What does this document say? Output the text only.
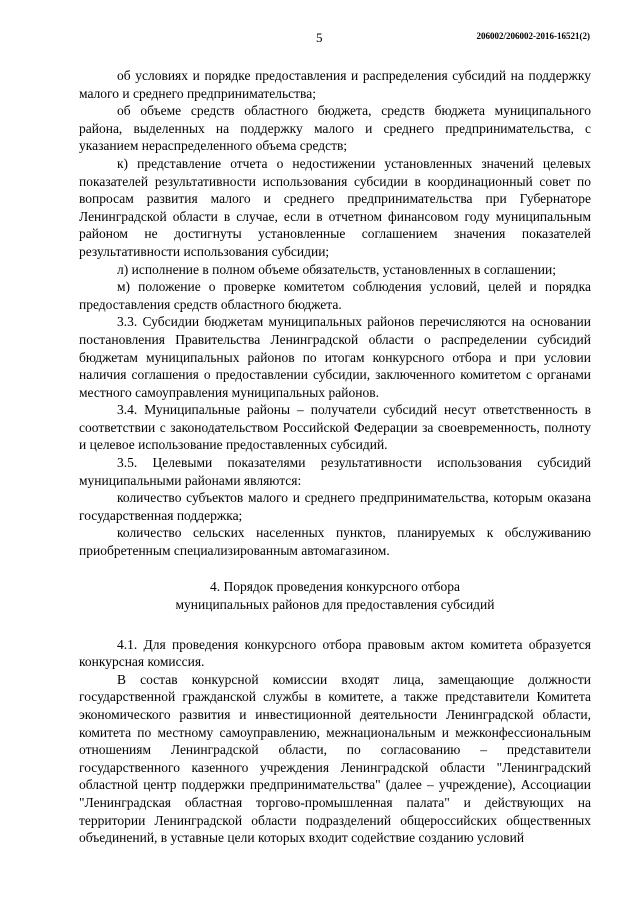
5	206002/206002-2016-16521(2)

об условиях и порядке предоставления и распределения субсидий на поддержку малого и среднего предпринимательства;

об объеме средств областного бюджета, средств бюджета муниципального района, выделенных на поддержку малого и среднего предпринимательства, с указанием нераспределенного объема средств;

к) представление отчета о недостижении установленных значений целевых показателей результативности использования субсидии в координационный совет по вопросам развития малого и среднего предпринимательства при Губернаторе Ленинградской области в случае, если в отчетном финансовом году муниципальным районом не достигнуты установленные соглашением значения показателей результативности использования субсидии;

л) исполнение в полном объеме обязательств, установленных в соглашении;

м) положение о проверке комитетом соблюдения условий, целей и порядка предоставления средств областного бюджета.

3.3. Субсидии бюджетам муниципальных районов перечисляются на основании постановления Правительства Ленинградской области о распределении субсидий бюджетам муниципальных районов по итогам конкурсного отбора и при условии наличия соглашения о предоставлении субсидии, заключенного комитетом с органами местного самоуправления муниципальных районов.

3.4. Муниципальные районы – получатели субсидий несут ответственность в соответствии с законодательством Российской Федерации за своевременность, полноту и целевое использование предоставленных субсидий.

3.5. Целевыми показателями результативности использования субсидий муниципальными районами являются:

количество субъектов малого и среднего предпринимательства, которым оказана государственная поддержка;

количество сельских населенных пунктов, планируемых к обслуживанию приобретенным специализированным автомагазином.

4. Порядок проведения конкурсного отбора
муниципальных районов для предоставления субсидий

4.1. Для проведения конкурсного отбора правовым актом комитета образуется конкурсная комиссия.

В состав конкурсной комиссии входят лица, замещающие должности государственной гражданской службы в комитете, а также представители Комитета экономического развития и инвестиционной деятельности Ленинградской области, комитета по местному самоуправлению, межнациональным и межконфессиональным отношениям Ленинградской области, по согласованию – представители государственного казенного учреждения Ленинградской области "Ленинградский областной центр поддержки предпринимательства" (далее – учреждение), Ассоциации "Ленинградская областная торгово-промышленная палата" и действующих на территории Ленинградской области подразделений общероссийских общественных объединений, в уставные цели которых входит содействие созданию условий
